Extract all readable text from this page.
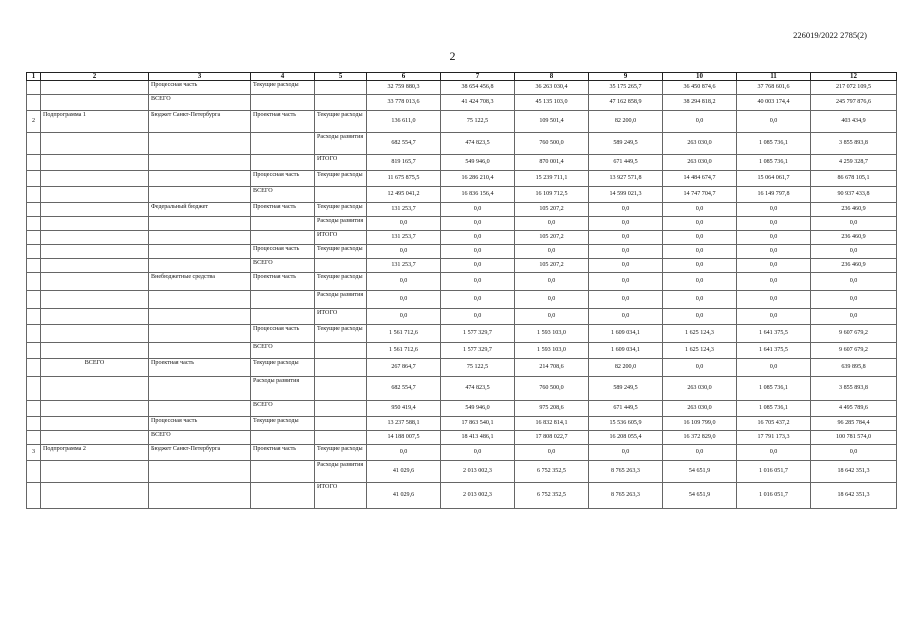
226019/2022 2785(2)
2
1	2	3	4	5	6	7	8	9	10	11	12
		Процессная часть	Текущие расходы		32 759 880,3	38 654 456,8	36 263 030,4	35 175 265,7	36 450 874,6	37 768 601,6	217 072 109,5
		ВСЕГО			33 778 013,6	41 424 708,3	45 135 103,0	47 162 858,9	38 294 818,2	40 003 174,4	245 797 876,6
2	Подпрограмма 1	Бюджет Санкт-Петербурга	Проектная часть	Текущие расходы	136 611,0	75 122,5	109 501,4	82 200,0	0,0	0,0	403 434,9
				Расходы развития	682 554,7	474 823,5	760 500,0	589 249,5	263 030,0	1 085 736,1	3 855 893,8
				ИТОГО	819 165,7	549 946,0	870 001,4	671 449,5	263 030,0	1 085 736,1	4 259 328,7
			Процессная часть	Текущие расходы	11 675 875,5	16 286 210,4	15 239 711,1	13 927 571,8	14 484 674,7	15 064 061,7	86 678 105,1
			ВСЕГО		12 495 041,2	16 836 156,4	16 109 712,5	14 599 021,3	14 747 704,7	16 149 797,8	90 937 433,8
		Федеральный бюджет	Проектная часть	Текущие расходы	131 253,7	0,0	105 207,2	0,0	0,0	0,0	236 460,9
				Расходы развития	0,0	0,0	0,0	0,0	0,0	0,0	0,0
				ИТОГО	131 253,7	0,0	105 207,2	0,0	0,0	0,0	236 460,9
			Процессная часть	Текущие расходы	0,0	0,0	0,0	0,0	0,0	0,0	0,0
			ВСЕГО		131 253,7	0,0	105 207,2	0,0	0,0	0,0	236 460,9
		Внебюджетные средства	Проектная часть	Текущие расходы	0,0	0,0	0,0	0,0	0,0	0,0	0,0
				Расходы развития	0,0	0,0	0,0	0,0	0,0	0,0	0,0
				ИТОГО	0,0	0,0	0,0	0,0	0,0	0,0	0,0
			Процессная часть	Текущие расходы	1 561 712,6	1 577 329,7	1 593 103,0	1 609 034,1	1 625 124,3	1 641 375,5	9 607 679,2
			ВСЕГО		1 561 712,6	1 577 329,7	1 593 103,0	1 609 034,1	1 625 124,3	1 641 375,5	9 607 679,2
	ВСЕГО	Проектная часть	Текущие расходы		267 864,7	75 122,5	214 708,6	82 200,0	0,0	0,0	639 895,8
			Расходы развития		682 554,7	474 823,5	760 500,0	589 249,5	263 030,0	1 085 736,1	3 855 893,8
			ВСЕГО		950 419,4	549 946,0	975 208,6	671 449,5	263 030,0	1 085 736,1	4 495 789,6
		Процессная часть	Текущие расходы		13 237 588,1	17 863 540,1	16 832 814,1	15 536 605,9	16 109 799,0	16 705 437,2	96 285 784,4
		ВСЕГО			14 188 007,5	18 413 486,1	17 808 022,7	16 208 055,4	16 372 829,0	17 791 173,3	100 781 574,0
3	Подпрограмма 2	Бюджет Санкт-Петербурга	Проектная часть	Текущие расходы	0,0	0,0	0,0	0,0	0,0	0,0	0,0
				Расходы развития	41 029,6	2 013 002,3	6 752 352,5	8 765 263,3	54 651,9	1 016 051,7	18 642 351,3
				ИТОГО	41 029,6	2 013 002,3	6 752 352,5	8 765 263,3	54 651,9	1 016 051,7	18 642 351,3
